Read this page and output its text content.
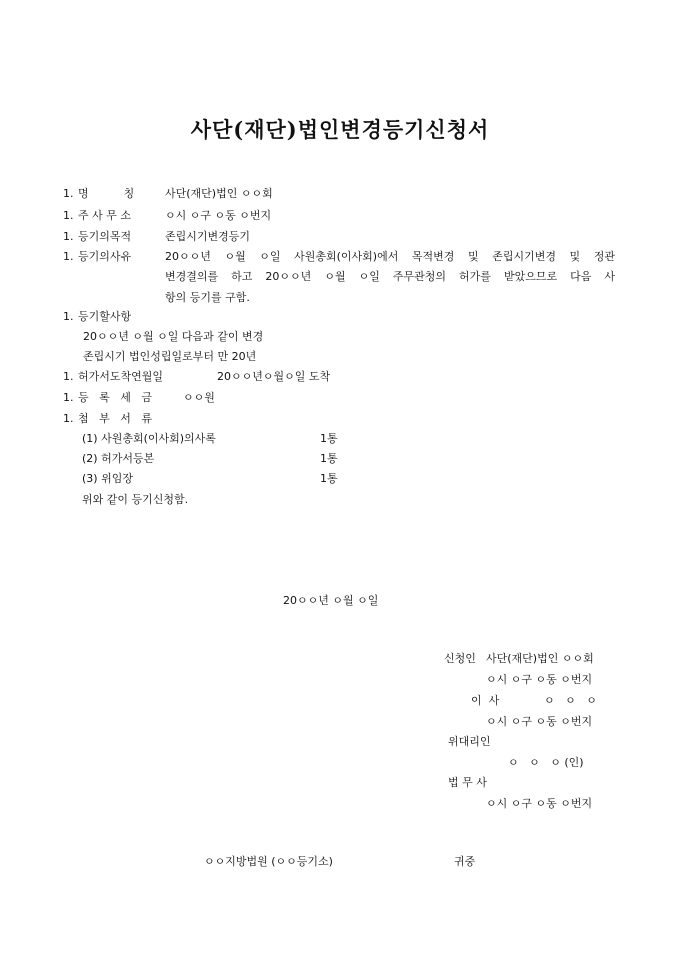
사단(재단)법인변경등기신청서
1. 명          칭	사단(재단)법인 ㅇㅇ회
1. 주 사 무 소	ㅇ시 ㅇ구 ㅇ동 ㅇ번지
1. 등기의목적	존립시기변경등기
1. 등기의사유	20ㅇㅇ년 ㅇ월 ㅇ일 사원총회(이사회)에서 목적변경 및 존립시기변경 및 정관
변경결의를 하고 20ㅇㅇ년 ㅇ월 ㅇ일 주무관청의 허가를 받았으므로 다음 사
항의 등기를 구함.
1. 등기할사항
20ㅇㅇ년 ㅇ월 ㅇ일 다음과 같이 변경
존립시기 법인성립일로부터 만 20년
1. 허가서도착연월일	20ㅇㅇ년ㅇ월ㅇ일 도착
1. 등   록   세   금	ㅇㅇ원
1. 첨   부   서   류
(1) 사원총회(이사회)의사록	1통
(2) 허가서등본	1통
(3) 위임장	1통
위와 같이 등기신청함.
20ㅇㅇ년 ㅇ월 ㅇ일
신청인 사단(재단)법인 ㅇㅇ회
ㅇ시 ㅇ구 ㅇ동 ㅇ번지
이  사	ㅇ   ㅇ   ㅇ
ㅇ시 ㅇ구 ㅇ동 ㅇ번지
위대리인
ㅇ   ㅇ   ㅇ (인)
법 무 사
ㅇ시 ㅇ구 ㅇ동 ㅇ번지
ㅇㅇ지방법원 (ㅇㅇ등기소)	귀중
